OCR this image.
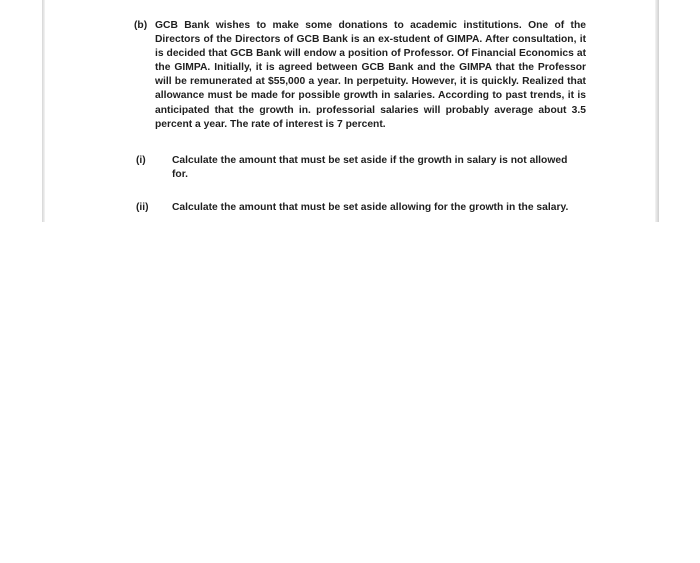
(b) GCB Bank wishes to make some donations to academic institutions. One of the Directors of the Directors of GCB Bank is an ex-student of GIMPA. After consultation, it is decided that GCB Bank will endow a position of Professor. Of Financial Economics at the GIMPA. Initially, it is agreed between GCB Bank and the GIMPA that the Professor will be remunerated at $55,000 a year. In perpetuity. However, it is quickly. Realized that allowance must be made for possible growth in salaries. According to past trends, it is anticipated that the growth in. professorial salaries will probably average about 3.5 percent a year. The rate of interest is 7 percent.
(i)	Calculate the amount that must be set aside if the growth in salary is not allowed for.
(ii) Calculate the amount that must be set aside allowing for the growth in the salary.
